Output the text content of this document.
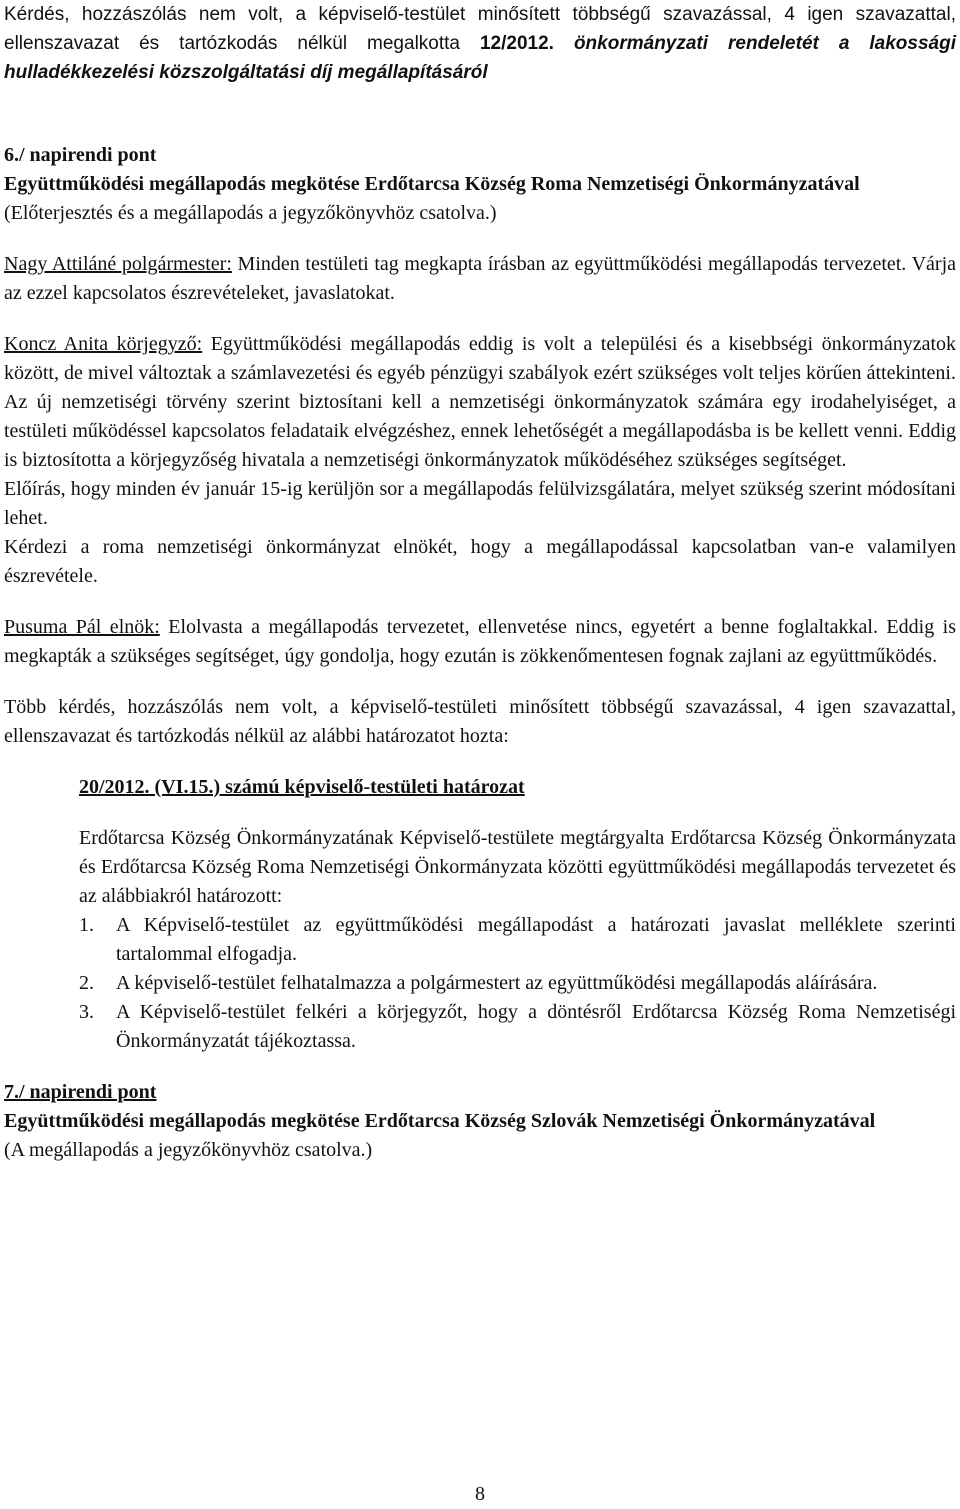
Kérdés, hozzászólás nem volt, a képviselő-testület minősített többségű szavazással, 4 igen szavazattal, ellenszavazat és tartózkodás nélkül megalkotta 12/2012. önkormányzati rendeletét a lakossági hulladékkezelési közszolgáltatási díj megállapításáról

6./ napirendi pont

Együttműködési megállapodás megkötése Erdőtarcsa Község Roma Nemzetiségi Önkormányzatával

(Előterjesztés és a megállapodás a jegyzőkönyvhöz csatolva.)

Nagy Attiláné polgármester: Minden testületi tag megkapta írásban az együttműködési megállapodás tervezetet. Várja az ezzel kapcsolatos észrevételeket, javaslatokat.

Koncz Anita körjegyző: Együttműködési megállapodás eddig is volt a települési és a kisebbségi önkormányzatok között, de mivel változtak a számlavezetési és egyéb pénzügyi szabályok ezért szükséges volt teljes körűen áttekinteni. Az új nemzetiségi törvény szerint biztosítani kell a nemzetiségi önkormányzatok számára egy irodahelyiséget, a testületi működéssel kapcsolatos feladataik elvégzéshez, ennek lehetőségét a megállapodásba is be kellett venni. Eddig is biztosította a körjegyzőség hivatala a nemzetiségi önkormányzatok működéséhez szükséges segítséget.

Előírás, hogy minden év január 15-ig kerüljön sor a megállapodás felülvizsgálatára, melyet szükség szerint módosítani lehet.

Kérdezi a roma nemzetiségi önkormányzat elnökét, hogy a megállapodással kapcsolatban van-e valamilyen észrevétele.

Pusuma Pál elnök: Elolvasta a megállapodás tervezetet, ellenvetése nincs, egyetért a benne foglaltakkal. Eddig is megkapták a szükséges segítséget, úgy gondolja, hogy ezután is zökkenőmentesen fognak zajlani az együttműködés.

Több kérdés, hozzászólás nem volt, a képviselő-testületi minősített többségű szavazással, 4 igen szavazattal, ellenszavazat és tartózkodás nélkül az alábbi határozatot hozta:

20/2012. (VI.15.) számú képviselő-testületi határozat

Erdőtarcsa Község Önkormányzatának Képviselő-testülete megtárgyalta Erdőtarcsa Község Önkormányzata és Erdőtarcsa Község Roma Nemzetiségi Önkormányzata közötti együttműködési megállapodás tervezetet és az alábbiakról határozott:

1. A Képviselő-testület az együttműködési megállapodást a határozati javaslat melléklete szerinti tartalommal elfogadja.
2. A képviselő-testület felhatalmazza a polgármestert az együttműködési megállapodás aláírására.
3. A Képviselő-testület felkéri a körjegyzőt, hogy a döntésről Erdőtarcsa Község Roma Nemzetiségi Önkormányzatát tájékoztassa.

7./ napirendi pont

Együttműködési megállapodás megkötése Erdőtarcsa Község Szlovák Nemzetiségi Önkormányzatával

(A megállapodás a jegyzőkönyvhöz csatolva.)

8
